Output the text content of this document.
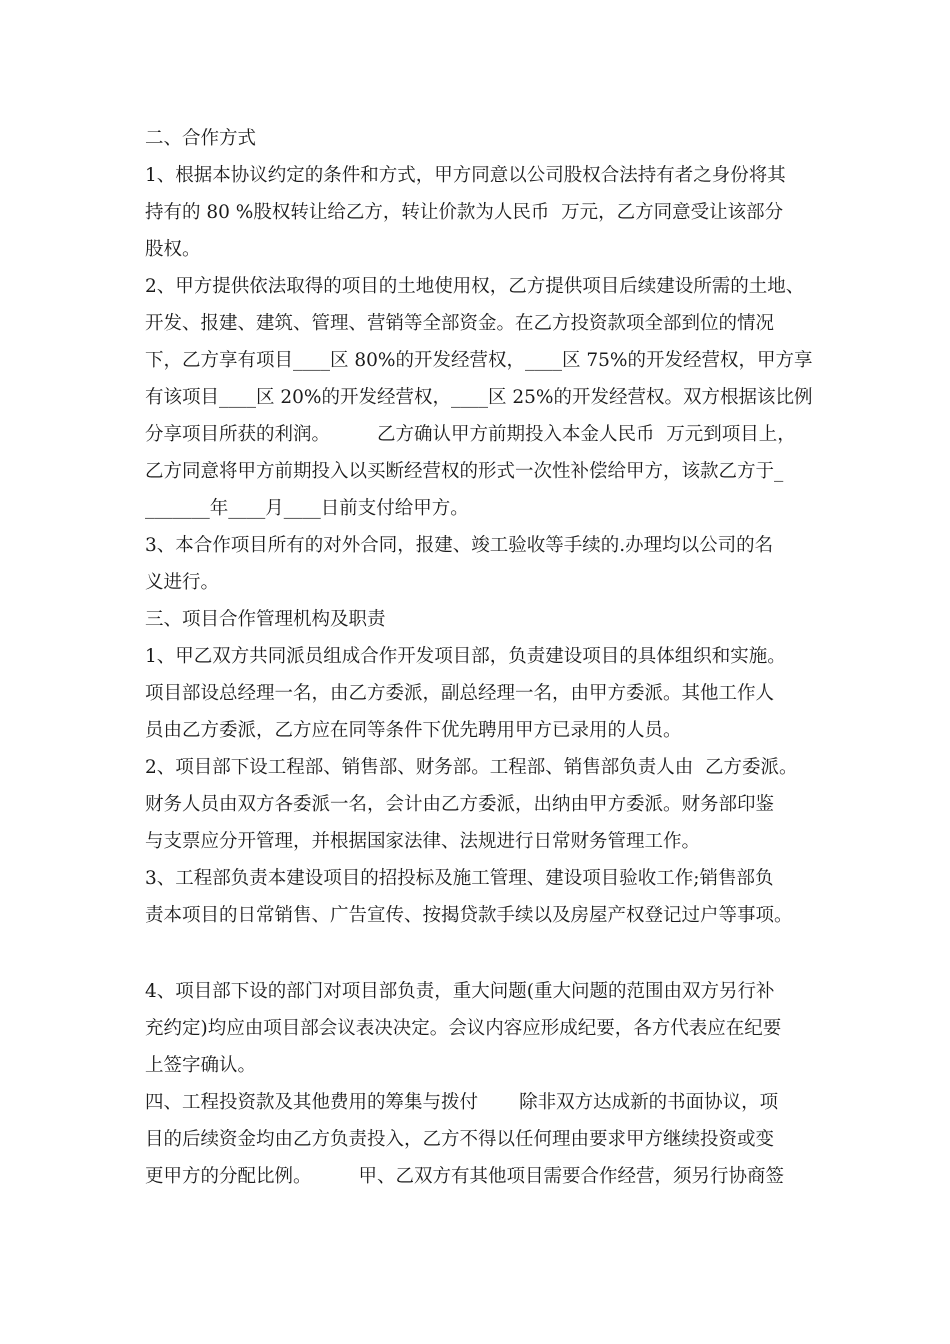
二、合作方式
1、根据本协议约定的条件和方式，甲方同意以公司股权合法持有者之身份将其
持有的 80 %股权转让给乙方，转让价款为人民币  万元，乙方同意受让该部分
股权。
2、甲方提供依法取得的项目的土地使用权，乙方提供项目后续建设所需的土地、
开发、报建、建筑、管理、营销等全部资金。在乙方投资款项全部到位的情况
下，乙方享有项目____区 80%的开发经营权，____区 75%的开发经营权，甲方享
有该项目____区 20%的开发经营权，____区 25%的开发经营权。双方根据该比例
分享项目所获的利润。        乙方确认甲方前期投入本金人民币  万元到项目上，
乙方同意将甲方前期投入以买断经营权的形式一次性补偿给甲方，该款乙方于_
_______年____月____日前支付给甲方。
3、本合作项目所有的对外合同，报建、竣工验收等手续的.办理均以公司的名
义进行。
三、项目合作管理机构及职责
1、甲乙双方共同派员组成合作开发项目部，负责建设项目的具体组织和实施。
项目部设总经理一名，由乙方委派，副总经理一名，由甲方委派。其他工作人
员由乙方委派，乙方应在同等条件下优先聘用甲方已录用的人员。
2、项目部下设工程部、销售部、财务部。工程部、销售部负责人由  乙方委派。
财务人员由双方各委派一名，会计由乙方委派，出纳由甲方委派。财务部印鉴
与支票应分开管理，并根据国家法律、法规进行日常财务管理工作。
3、工程部负责本建设项目的招投标及施工管理、建设项目验收工作;销售部负
责本项目的日常销售、广告宣传、按揭贷款手续以及房屋产权登记过户等事项。
4、项目部下设的部门对项目部负责，重大问题(重大问题的范围由双方另行补
充约定)均应由项目部会议表决决定。会议内容应形成纪要，各方代表应在纪要
上签字确认。
四、工程投资款及其他费用的筹集与拨付       除非双方达成新的书面协议，项
目的后续资金均由乙方负责投入，乙方不得以任何理由要求甲方继续投资或变
更甲方的分配比例。        甲、乙双方有其他项目需要合作经营，须另行协商签
